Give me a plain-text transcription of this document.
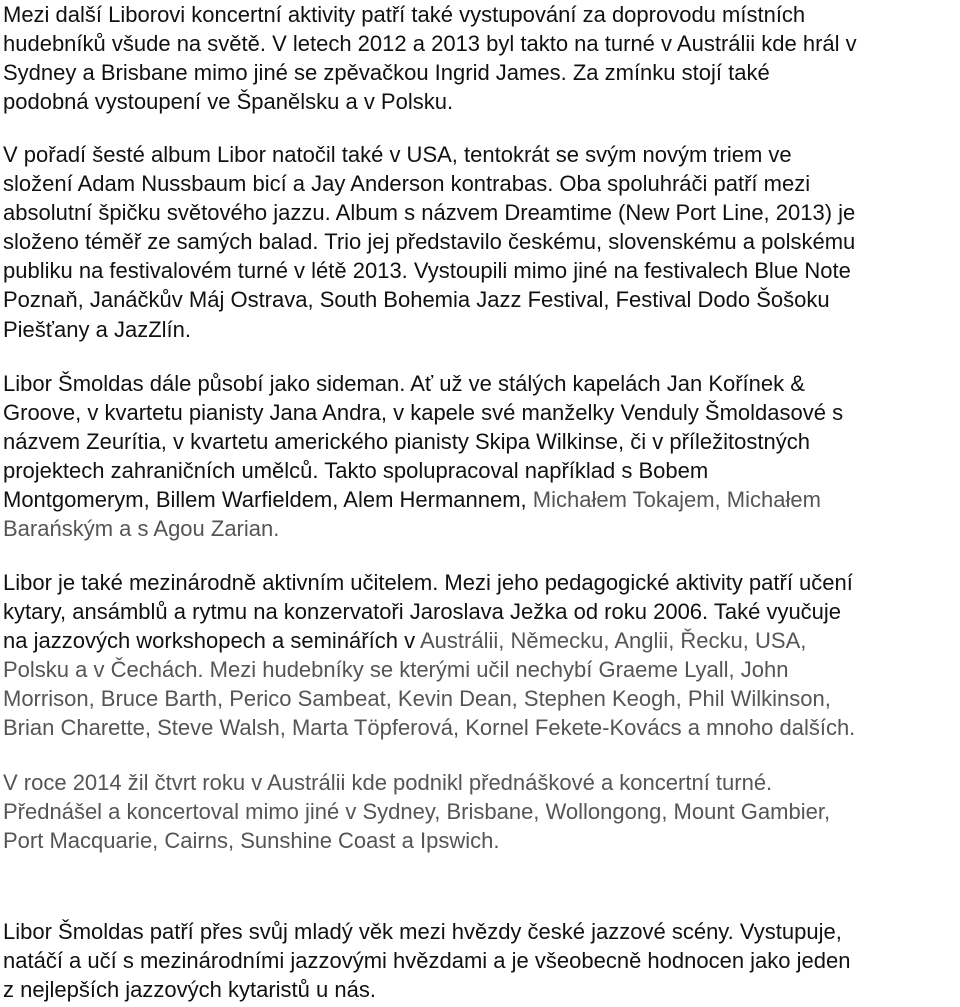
Mezi další Liborovi koncertní aktivity patří také vystupování za doprovodu místních
hudebníků všude na světě. V letech 2012 a 2013 byl takto na turné v Austrálii kde hrál v
Sydney a Brisbane mimo jiné se zpěvačkou Ingrid James. Za zmínku stojí také
podobná vystoupení ve Španělsku a v Polsku.
V pořadí šesté album Libor natočil také v USA, tentokrát se svým novým triem ve
složení Adam Nussbaum bicí a Jay Anderson kontrabas. Oba spoluhráči patří mezi
absolutní špičku světového jazzu. Album s názvem Dreamtime (New Port Line, 2013) je
složeno téměř ze samých balad. Trio jej představilo českému, slovenskému a polskému
publiku na festivalovém turné v létě 2013. Vystoupili mimo jiné na festivalech Blue Note
Poznaň, Janáčkův Máj Ostrava, South Bohemia Jazz Festival, Festival Dodo Šošoku
Piešťany a JazZlín.
Libor Šmoldas dále působí jako sideman. Ať už ve stálých kapelách Jan Kořínek &
Groove, v kvartetu pianisty Jana Andra, v kapele své manželky Venduly Šmoldasové s
názvem Zeurítia, v kvartetu amerického pianisty Skipa Wilkinse, či v příležitostných
projektech zahraničních umělců. Takto spolupracoval například s Bobem
Montgomerym, Billem Warfieldem, Alem Hermannem, Michałem Tokajem, Michałem
Barańským a s Agou Zarian.
Libor je také mezinárodně aktivním učitelem. Mezi jeho pedagogické aktivity patří učení
kytary, ansámblů a rytmu na konzervatoři Jaroslava Ježka od roku 2006. Také vyučuje
na jazzových workshopech a seminářích v Austrálii, Německu, Anglii, Řecku, USA,
Polsku a v Čechách. Mezi hudebníky se kterými učil nechybí Graeme Lyall, John
Morrison, Bruce Barth, Perico Sambeat, Kevin Dean, Stephen Keogh, Phil Wilkinson,
Brian Charette, Steve Walsh, Marta Töpferová, Kornel Fekete-Kovács a mnoho dalších.
V roce 2014 žil čtvrt roku v Austrálii kde podnikl přednáškové a koncertní turné.
Přednášel a koncertoval mimo jiné v Sydney, Brisbane, Wollongong, Mount Gambier,
Port Macquarie, Cairns, Sunshine Coast a Ipswich.
Libor Šmoldas patří přes svůj mladý věk mezi hvězdy české jazzové scény. Vystupuje,
natáčí a učí s mezinárodními jazzovými hvězdami a je všeobecně hodnocen jako jeden
z nejlepších jazzových kytaristů u nás.
